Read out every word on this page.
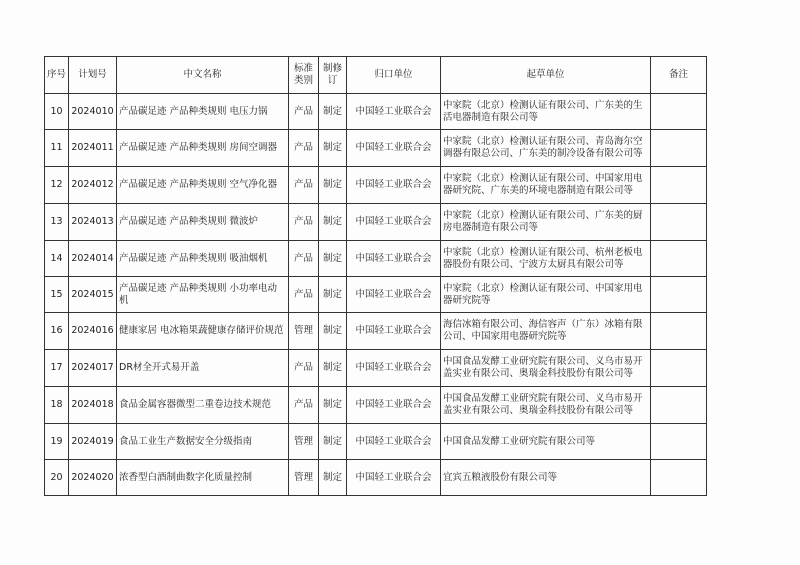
序号	计划号	中文名称	标准类别	制修订	归口单位	起草单位	备注
10	2024010	产品碳足迹 产品种类规则 电压力锅	产品	制定	中国轻工业联合会	中家院（北京）检测认证有限公司、广东美的生活电器制造有限公司等	
11	2024011	产品碳足迹 产品种类规则 房间空调器	产品	制定	中国轻工业联合会	中家院（北京）检测认证有限公司、青岛海尔空调器有限总公司、广东美的制冷设备有限公司等	
12	2024012	产品碳足迹 产品种类规则 空气净化器	产品	制定	中国轻工业联合会	中家院（北京）检测认证有限公司、中国家用电器研究院、广东美的环境电器制造有限公司等	
13	2024013	产品碳足迹 产品种类规则 微波炉	产品	制定	中国轻工业联合会	中家院（北京）检测认证有限公司、广东美的厨房电器制造有限公司等	
14	2024014	产品碳足迹 产品种类规则 吸油烟机	产品	制定	中国轻工业联合会	中家院（北京）检测认证有限公司、杭州老板电器股份有限公司、宁波方太厨具有限公司等	
15	2024015	产品碳足迹 产品种类规则 小功率电动机	产品	制定	中国轻工业联合会	中家院（北京）检测认证有限公司、中国家用电器研究院等	
16	2024016	健康家居 电冰箱果蔬健康存储评价规范	管理	制定	中国轻工业联合会	海信冰箱有限公司、海信容声（广东）冰箱有限公司、中国家用电器研究院等	
17	2024017	DR材全开式易开盖	产品	制定	中国轻工业联合会	中国食品发酵工业研究院有限公司、义乌市易开盖实业有限公司、奥瑞金科技股份有限公司等	
18	2024018	食品金属容器微型二重卷边技术规范	产品	制定	中国轻工业联合会	中国食品发酵工业研究院有限公司、义乌市易开盖实业有限公司、奥瑞金科技股份有限公司等	
19	2024019	食品工业生产数据安全分级指南	管理	制定	中国轻工业联合会	中国食品发酵工业研究院有限公司等	
20	2024020	浓香型白酒制曲数字化质量控制	管理	制定	中国轻工业联合会	宜宾五粮液股份有限公司等	
